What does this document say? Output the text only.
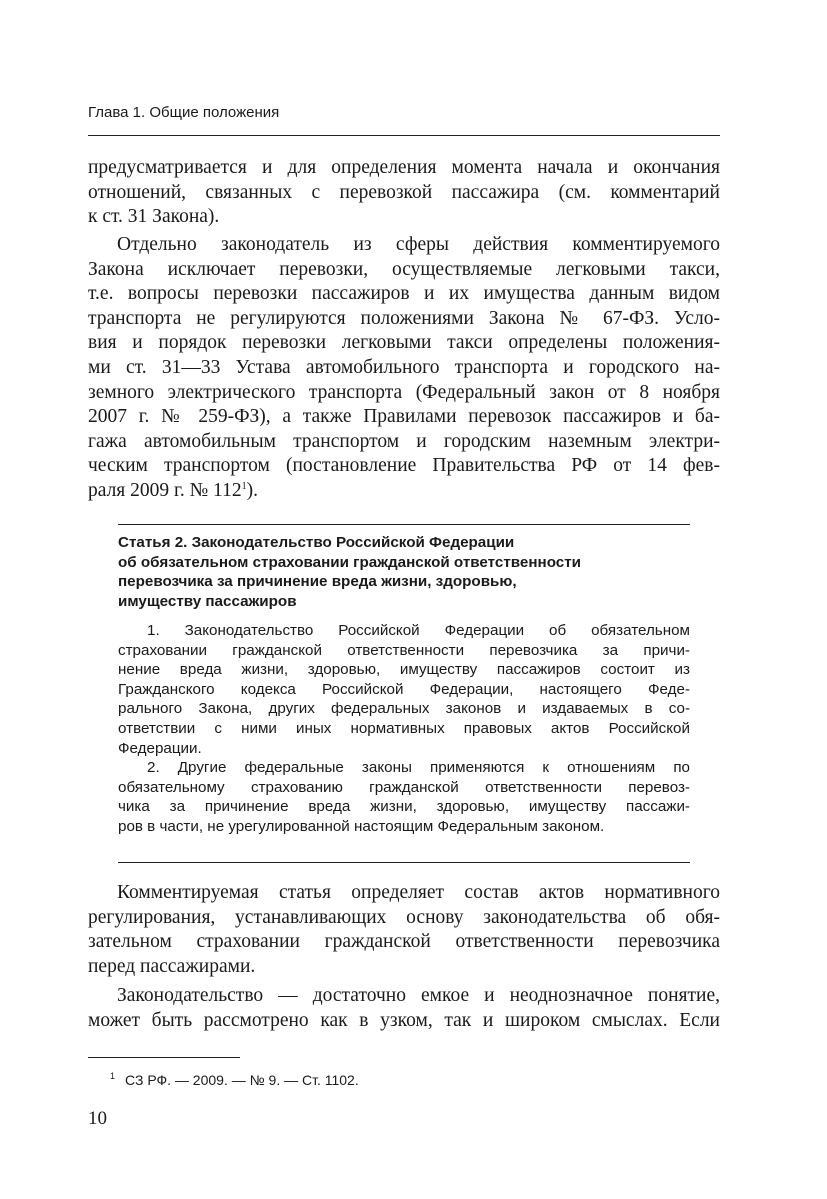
Глава 1. Общие положения
предусматривается и для определения момента начала и окончания
отношений, связанных с перевозкой пассажира (см. комментарий
к ст. 31 Закона).
Отдельно законодатель из сферы действия комментируемого
Закона исключает перевозки, осуществляемые легковыми такси,
т.е. вопросы перевозки пассажиров и их имущества данным видом
транспорта не регулируются положениями Закона № 67-ФЗ. Усло-
вия и порядок перевозки легковыми такси определены положения-
ми ст. 31—33 Устава автомобильного транспорта и городского на-
земного электрического транспорта (Федеральный закон от 8 ноября
2007 г. № 259-ФЗ), а также Правилами перевозок пассажиров и ба-
гажа автомобильным транспортом и городским наземным электри-
ческим транспортом (постановление Правительства РФ от 14 фев-
раля 2009 г. № $112^1$).
Статья 2. Законодательство Российской Федерации
об обязательном страховании гражданской ответственности
перевозчика за причинение вреда жизни, здоровью,
имуществу пассажиров
1. Законодательство Российской Федерации об обязательном
страховании гражданской ответственности перевозчика за причи-
нение вреда жизни, здоровью, имуществу пассажиров состоит из
Гражданского кодекса Российской Федерации, настоящего Феде-
рального Закона, других федеральных законов и издаваемых в со-
ответствии с ними иных нормативных правовых актов Российской
Федерации.
2. Другие федеральные законы применяются к отношениям по
обязательному страхованию гражданской ответственности перевоз-
чика за причинение вреда жизни, здоровью, имуществу пассажи-
ров в части, не урегулированной настоящим Федеральным законом.
Комментируемая статья определяет состав актов нормативного
регулирования, устанавливающих основу законодательства об обя-
зательном страховании гражданской ответственности перевозчика
перед пассажирами.
Законодательство — достаточно емкое и неоднозначное понятие,
может быть рассмотрено как в узком, так и широком смыслах. Если
$^1$ СЗ РФ. — 2009. — № 9. — Ст. 1102.
10
